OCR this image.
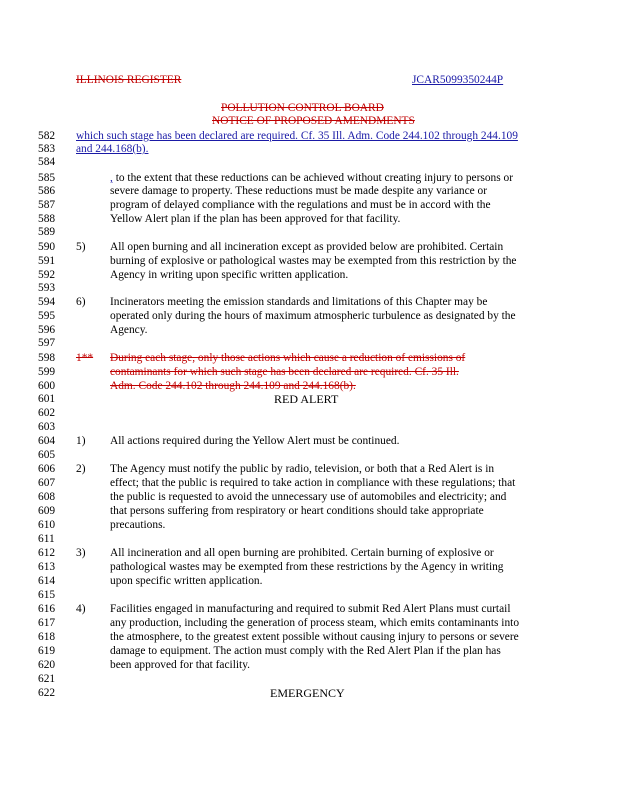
ILLINOIS REGISTER	JCAR5099350244P
POLLUTION CONTROL BOARD
NOTICE OF PROPOSED AMENDMENTS
582
583
584
585
586
587
588
589
590
591
592
593
594
595
596
597
598
599
600
601
602
603
604
605
606
607
608
609
610
611
612
613
614
615
616
617
618
619
620
621
622
which such stage has been declared are required. Cf. 35 Ill. Adm. Code 244.102 through 244.109
and 244.168(b).
, to the extent that these reductions can be achieved without creating injury to persons or
severe damage to property. These reductions must be made despite any variance or
program of delayed compliance with the regulations and must be in accord with the
Yellow Alert plan if the plan has been approved for that facility.
5) All open burning and all incineration except as provided below are prohibited. Certain
burning of explosive or pathological wastes may be exempted from this restriction by the
Agency in writing upon specific written application.
6) Incinerators meeting the emission standards and limitations of this Chapter may be
operated only during the hours of maximum atmospheric turbulence as designated by the
Agency.
1** During each stage, only those actions which cause a reduction of emissions of
contaminants for which such stage has been declared are required. Cf. 35 Ill.
Adm. Code 244.102 through 244.109 and 244.168(b).
RED ALERT
1) All actions required during the Yellow Alert must be continued.
2) The Agency must notify the public by radio, television, or both that a Red Alert is in
effect; that the public is required to take action in compliance with these regulations; that
the public is requested to avoid the unnecessary use of automobiles and electricity; and
that persons suffering from respiratory or heart conditions should take appropriate
precautions.
3) All incineration and all open burning are prohibited. Certain burning of explosive or
pathological wastes may be exempted from these restrictions by the Agency in writing
upon specific written application.
4) Facilities engaged in manufacturing and required to submit Red Alert Plans must curtail
any production, including the generation of process steam, which emits contaminants into
the atmosphere, to the greatest extent possible without causing injury to persons or severe
damage to equipment. The action must comply with the Red Alert Plan if the plan has
been approved for that facility.
EMERGENCY
